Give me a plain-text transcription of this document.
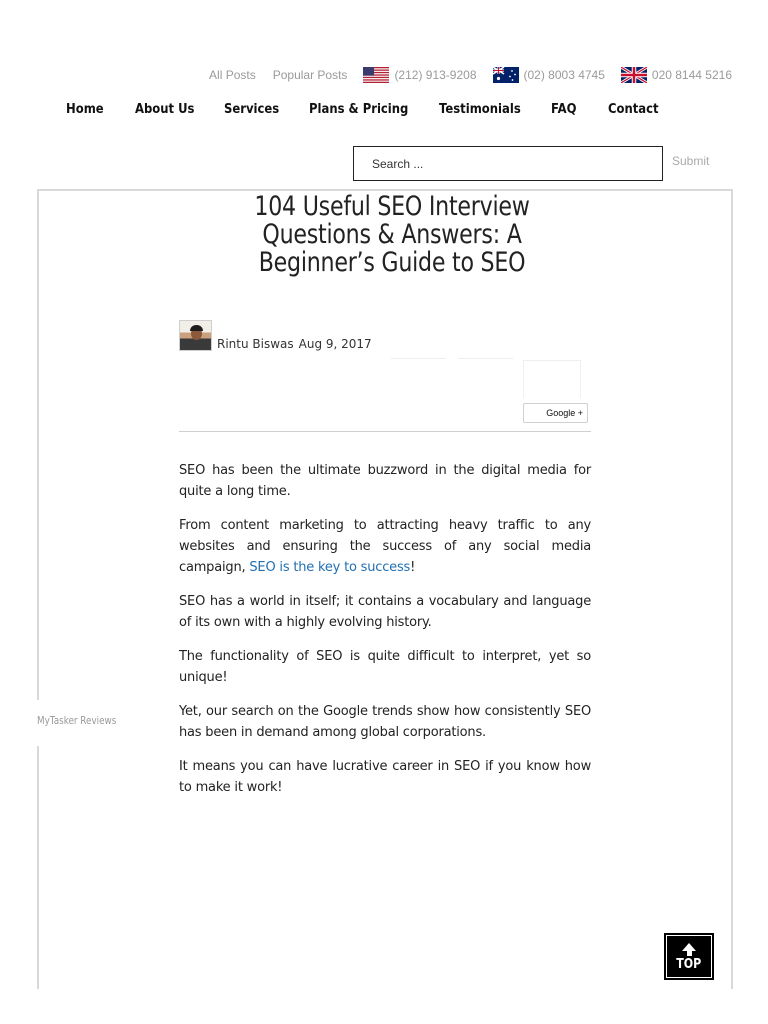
All Posts Popular Posts	(212) 913-9208	(02) 8003 4745	020 8144 5216
Home About Us Services Plans & Pricing Testimonials FAQ Contact
Search ...
Submit
104 Useful SEO Interview Questions & Answers: A Beginner’s Guide to SEO
Rintu Biswas Aug 9, 2017
Google +

SEO has been the ultimate buzzword in the digital media for quite a long time.

From content marketing to attracting heavy traffic to any websites and ensuring the success of any social media campaign, SEO is the key to success!

SEO has a world in itself; it contains a vocabulary and language of its own with a highly evolving history.

The functionality of SEO is quite difficult to interpret, yet so unique!

Yet, our search on the Google trends show how consistently SEO has been in demand among global corporations.

It means you can have lucrative career in SEO if you know how to make it work!

MyTasker Reviews
TOP
